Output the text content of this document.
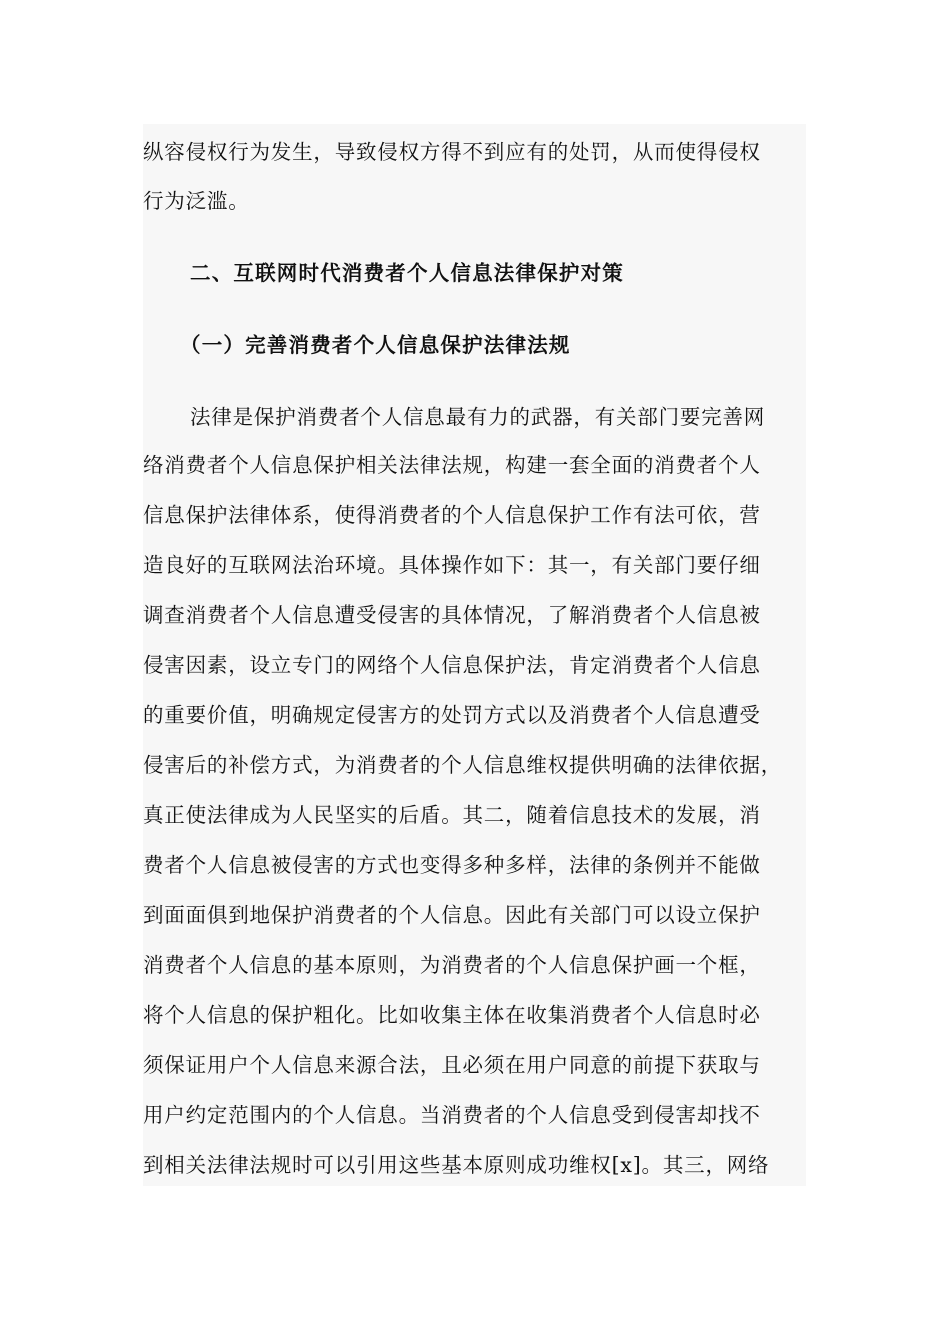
纵容侵权行为发生，导致侵权方得不到应有的处罚，从而使得侵权
行为泛滥。
二、互联网时代消费者个人信息法律保护对策
（一）完善消费者个人信息保护法律法规
法律是保护消费者个人信息最有力的武器，有关部门要完善网
络消费者个人信息保护相关法律法规，构建一套全面的消费者个人
信息保护法律体系，使得消费者的个人信息保护工作有法可依，营
造良好的互联网法治环境。具体操作如下：其一，有关部门要仔细
调查消费者个人信息遭受侵害的具体情况，了解消费者个人信息被
侵害因素，设立专门的网络个人信息保护法，肯定消费者个人信息
的重要价值，明确规定侵害方的处罚方式以及消费者个人信息遭受
侵害后的补偿方式，为消费者的个人信息维权提供明确的法律依据，
真正使法律成为人民坚实的后盾。其二，随着信息技术的发展，消
费者个人信息被侵害的方式也变得多种多样，法律的条例并不能做
到面面俱到地保护消费者的个人信息。因此有关部门可以设立保护
消费者个人信息的基本原则，为消费者的个人信息保护画一个框，
将个人信息的保护粗化。比如收集主体在收集消费者个人信息时必
须保证用户个人信息来源合法，且必须在用户同意的前提下获取与
用户约定范围内的个人信息。当消费者的个人信息受到侵害却找不
到相关法律法规时可以引用这些基本原则成功维权[x]。其三，网络
